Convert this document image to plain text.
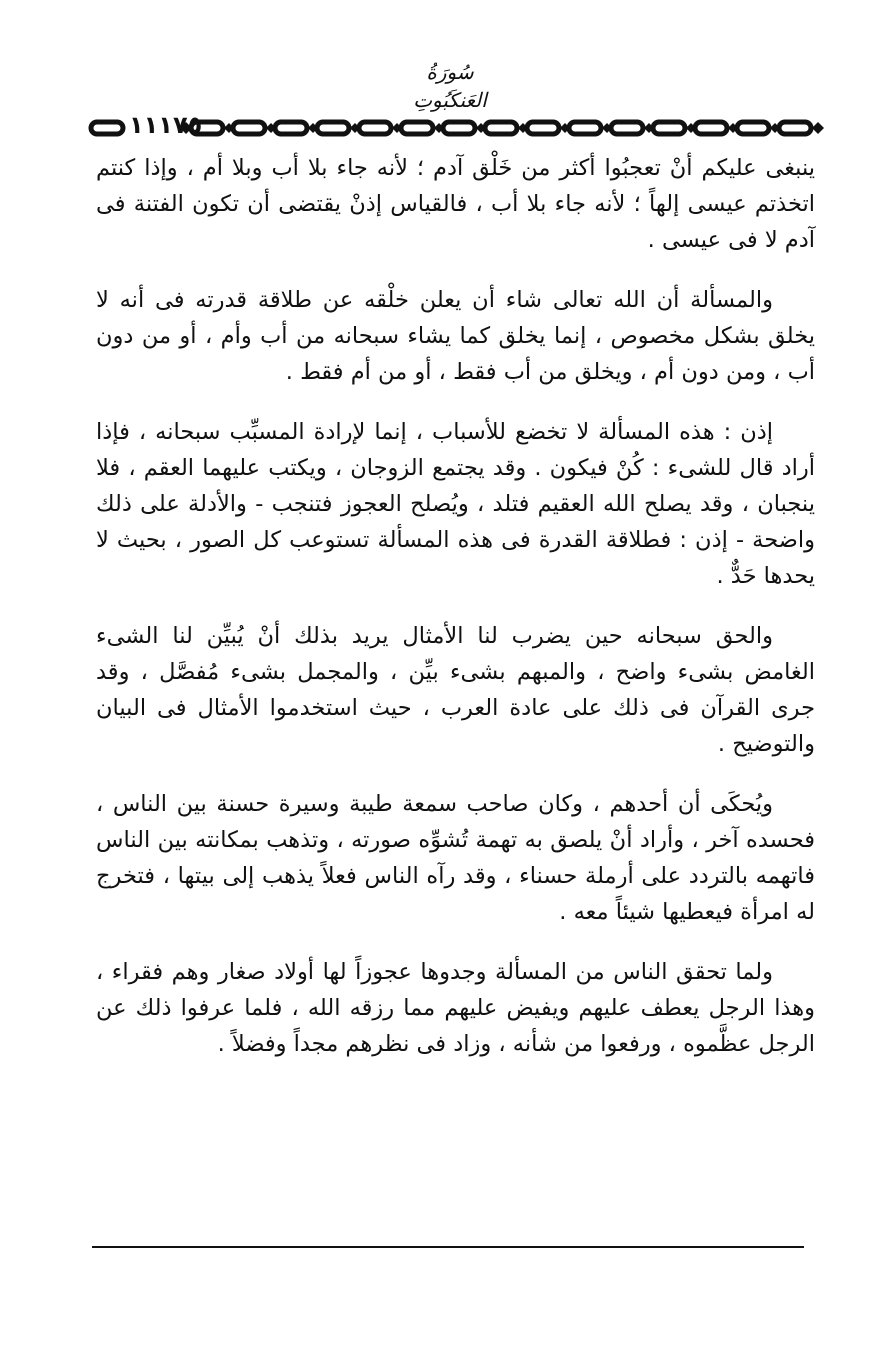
سُورَةُ العَنكَبُوتِ
١١١٧٥

ينبغى عليكم أنْ تعجبُوا أكثر من خَلْق آدم ؛ لأنه جاء بلا أب وبلا أم ، وإذا كنتم اتخذتم عيسى إلهاً ؛ لأنه جاء بلا أب ، فالقياس إذنْ يقتضى أن تكون الفتنة فى آدم لا فى عيسى .

والمسألة أن الله تعالى شاء أن يعلن خلْقه عن طلاقة قدرته فى أنه لا يخلق بشكل مخصوص ، إنما يخلق كما يشاء سبحانه من أب وأم ، أو من دون أب ، ومن دون أم ، ويخلق من أب فقط ، أو من أم فقط .

إذن : هذه المسألة لا تخضع للأسباب ، إنما لإرادة المسبِّب سبحانه ، فإذا أراد قال للشىء : كُنْ فيكون . وقد يجتمع الزوجان ، ويكتب عليهما العقم ، فلا ينجبان ، وقد يصلح الله العقيم فتلد ، ويُصلح العجوز فتنجب - والأدلة على ذلك واضحة - إذن : فطلاقة القدرة فى هذه المسألة تستوعب كل الصور ، بحيث لا يحدها حَدٌّ .

والحق سبحانه حين يضرب لنا الأمثال يريد بذلك أنْ يُبيِّن لنا الشىء الغامض بشىء واضح ، والمبهم بشىء بيِّن ، والمجمل بشىء مُفصَّل ، وقد جرى القرآن فى ذلك على عادة العرب ، حيث استخدموا الأمثال فى البيان والتوضيح .

ويُحكَى أن أحدهم ، وكان صاحب سمعة طيبة وسيرة حسنة بين الناس ، فحسده آخر ، وأراد أنْ يلصق به تهمة تُشوِّه صورته ، وتذهب بمكانته بين الناس فاتهمه بالتردد على أرملة حسناء ، وقد رآه الناس فعلاً يذهب إلى بيتها ، فتخرج له امرأة فيعطيها شيئاً معه .

ولما تحقق الناس من المسألة وجدوها عجوزاً لها أولاد صغار وهم فقراء ، وهذا الرجل يعطف عليهم ويفيض عليهم مما رزقه الله ، فلما عرفوا ذلك عن الرجل عظَّموه ، ورفعوا من شأنه ، وزاد فى نظرهم مجداً وفضلاً .
